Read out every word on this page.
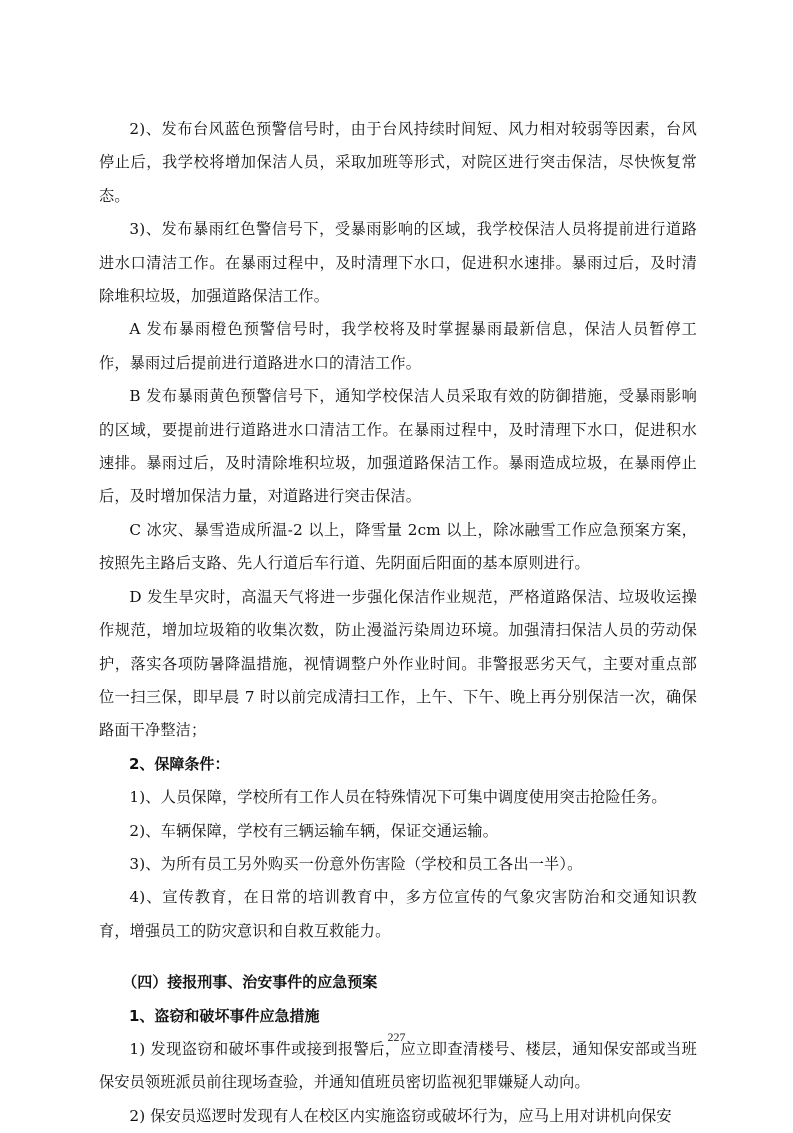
2)、发布台风蓝色预警信号时，由于台风持续时间短、风力相对较弱等因素，台风停止后，我学校将增加保洁人员，采取加班等形式，对院区进行突击保洁，尽快恢复常态。

3)、发布暴雨红色警信号下，受暴雨影响的区域，我学校保洁人员将提前进行道路进水口清洁工作。在暴雨过程中，及时清理下水口，促进积水速排。暴雨过后，及时清除堆积垃圾，加强道路保洁工作。

A 发布暴雨橙色预警信号时，我学校将及时掌握暴雨最新信息，保洁人员暂停工作，暴雨过后提前进行道路进水口的清洁工作。

B 发布暴雨黄色预警信号下，通知学校保洁人员采取有效的防御措施，受暴雨影响的区域，要提前进行道路进水口清洁工作。在暴雨过程中，及时清理下水口，促进积水速排。暴雨过后，及时清除堆积垃圾，加强道路保洁工作。暴雨造成垃圾，在暴雨停止后，及时增加保洁力量，对道路进行突击保洁。

C 冰灾、暴雪造成所温-2 以上，降雪量 2cm 以上，除冰融雪工作应急预案方案，按照先主路后支路、先人行道后车行道、先阴面后阳面的基本原则进行。

D 发生旱灾时，高温天气将进一步强化保洁作业规范，严格道路保洁、垃圾收运操作规范，增加垃圾箱的收集次数，防止漫溢污染周边环境。加强清扫保洁人员的劳动保护，落实各项防暑降温措施，视情调整户外作业时间。非警报恶劣天气，主要对重点部位一扫三保，即早晨 7 时以前完成清扫工作，上午、下午、晚上再分别保洁一次，确保路面干净整洁；

2、保障条件：

1)、人员保障，学校所有工作人员在特殊情况下可集中调度使用突击抢险任务。

2)、车辆保障，学校有三辆运输车辆，保证交通运输。

3)、为所有员工另外购买一份意外伤害险（学校和员工各出一半）。

4)、宣传教育，在日常的培训教育中，多方位宣传的气象灾害防治和交通知识教育，增强员工的防灾意识和自救互救能力。

（四）接报刑事、治安事件的应急预案
1、盗窃和破坏事件应急措施

1) 发现盗窃和破坏事件或接到报警后，应立即查清楼号、楼层，通知保安部或当班保安员领班派员前往现场查验，并通知值班员密切监视犯罪嫌疑人动向。

2) 保安员巡逻时发现有人在校区内实施盗窃或破坏行为，应马上用对讲机向保安

227
